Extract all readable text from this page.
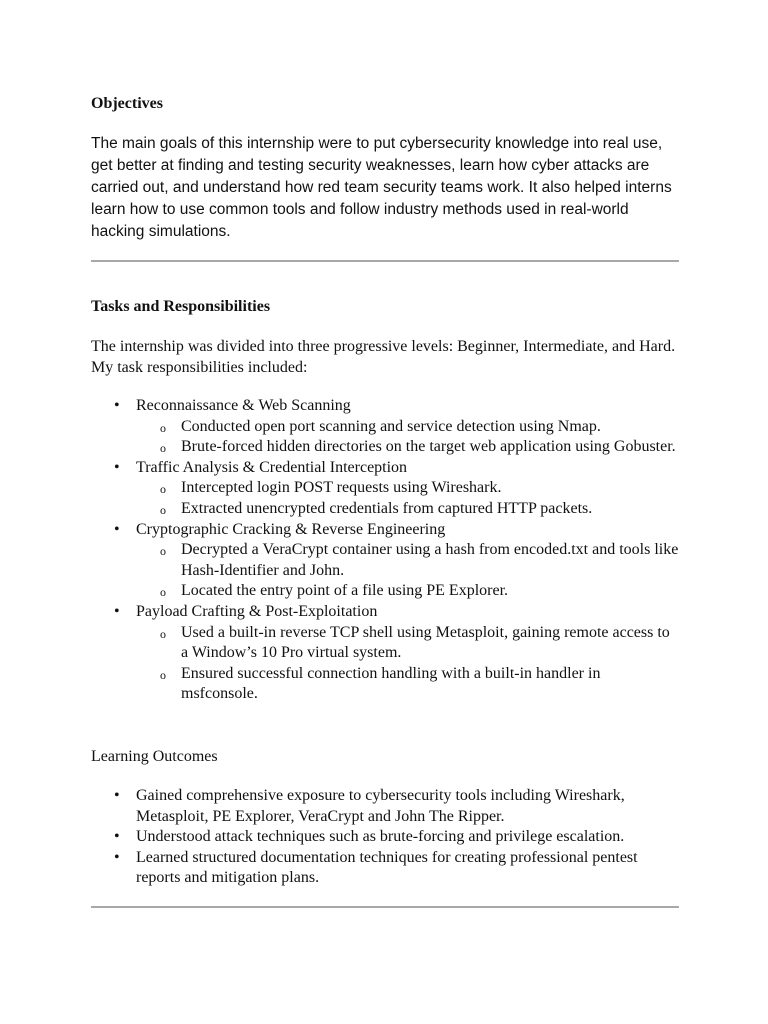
Objectives

The main goals of this internship were to put cybersecurity knowledge into real use, get better at finding and testing security weaknesses, learn how cyber attacks are carried out, and understand how red team security teams work. It also helped interns learn how to use common tools and follow industry methods used in real-world hacking simulations.

Tasks and Responsibilities

The internship was divided into three progressive levels: Beginner, Intermediate, and Hard. My task responsibilities included:

• Reconnaissance & Web Scanning
o Conducted open port scanning and service detection using Nmap.
o Brute-forced hidden directories on the target web application using Gobuster.
• Traffic Analysis & Credential Interception
o Intercepted login POST requests using Wireshark.
o Extracted unencrypted credentials from captured HTTP packets.
• Cryptographic Cracking & Reverse Engineering
o Decrypted a VeraCrypt container using a hash from encoded.txt and tools like Hash-Identifier and John.
o Located the entry point of a file using PE Explorer.
• Payload Crafting & Post-Exploitation
o Used a built-in reverse TCP shell using Metasploit, gaining remote access to a Window’s 10 Pro virtual system.
o Ensured successful connection handling with a built-in handler in msfconsole.

Learning Outcomes

• Gained comprehensive exposure to cybersecurity tools including Wireshark, Metasploit, PE Explorer, VeraCrypt and John The Ripper.
• Understood attack techniques such as brute-forcing and privilege escalation.
• Learned structured documentation techniques for creating professional pentest reports and mitigation plans.
